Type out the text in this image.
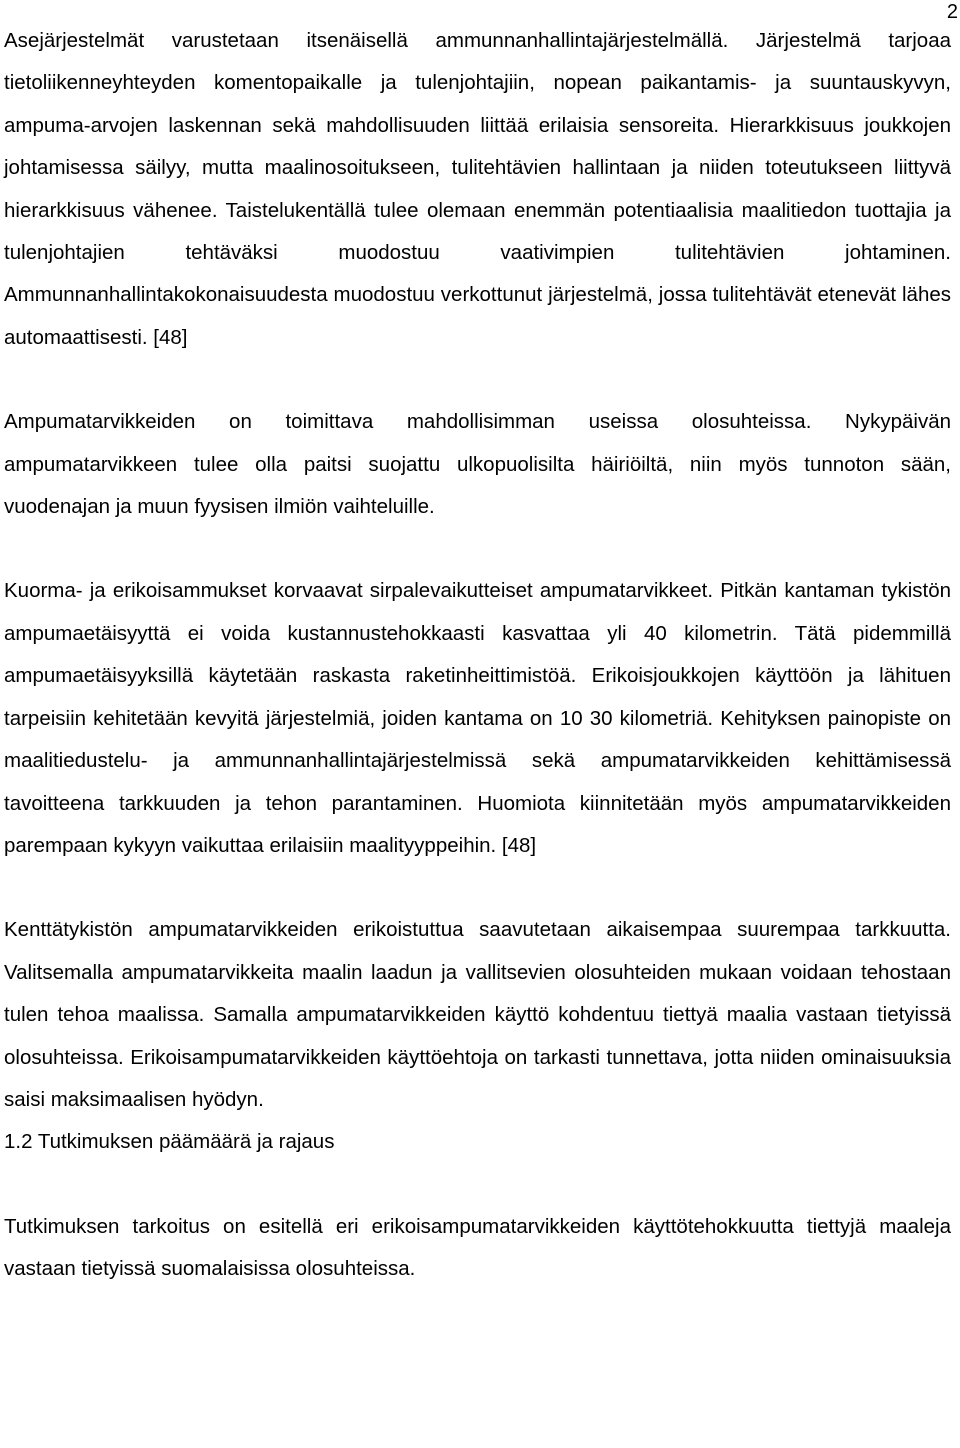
2

Asejärjestelmät varustetaan itsenäisellä ammunnanhallintajärjestelmällä. Järjestelmä tarjoaa tietoliikenneyhteyden komentopaikalle ja tulenjohtajiin, nopean paikantamis- ja suuntauskyvyn, ampuma-arvojen laskennan sekä mahdollisuuden liittää erilaisia sensoreita. Hierarkkisuus joukkojen johtamisessa säilyy, mutta maalinosoitukseen, tulitehtävien hallintaan ja niiden toteutukseen liittyvä hierarkkisuus vähenee. Taistelukentällä tulee olemaan enemmän potentiaalisia maalitiedon tuottajia ja tulenjohtajien tehtäväksi muodostuu vaativimpien tulitehtävien johtaminen. Ammunnanhallintakokonaisuudesta muodostuu verkottunut järjestelmä, jossa tulitehtävät etenevät lähes automaattisesti. [48]

Ampumatarvikkeiden on toimittava mahdollisimman useissa olosuhteissa. Nykypäivän ampumatarvikkeen tulee olla paitsi suojattu ulkopuolisilta häiriöiltä, niin myös tunnoton sään, vuodenajan ja muun fyysisen ilmiön vaihteluille.

Kuorma- ja erikoisammukset korvaavat sirpalevaikutteiset ampumatarvikkeet. Pitkän kantaman tykistön ampumaetäisyyttä ei voida kustannustehokkaasti kasvattaa yli 40 kilometrin. Tätä pidemmillä ampumaetäisyyksillä käytetään raskasta raketinheittimistöä. Erikoisjoukkojen käyttöön ja lähituen tarpeisiin kehitetään kevyitä järjestelmiä, joiden kantama on 10 30 kilometriä. Kehityksen painopiste on maalitiedustelu- ja ammunnanhallintajärjestelmissä sekä ampumatarvikkeiden kehittämisessä tavoitteena tarkkuuden ja tehon parantaminen. Huomiota kiinnitetään myös ampumatarvikkeiden parempaan kykyyn vaikuttaa erilaisiin maalityyppeihin. [48]

Kenttätykistön ampumatarvikkeiden erikoistuttua saavutetaan aikaisempaa suurempaa tarkkuutta. Valitsemalla ampumatarvikkeita maalin laadun ja vallitsevien olosuhteiden mukaan voidaan tehostaan tulen tehoa maalissa. Samalla ampumatarvikkeiden käyttö kohdentuu tiettyä maalia vastaan tietyissä olosuhteissa. Erikoisampumatarvikkeiden käyttöehtoja on tarkasti tunnettava, jotta niiden ominaisuuksia saisi maksimaalisen hyödyn.

1.2 Tutkimuksen päämäärä ja rajaus

Tutkimuksen tarkoitus on esitellä eri erikoisampumatarvikkeiden käyttötehokkuutta tiettyjä maaleja vastaan tietyissä suomalaisissa olosuhteissa.
